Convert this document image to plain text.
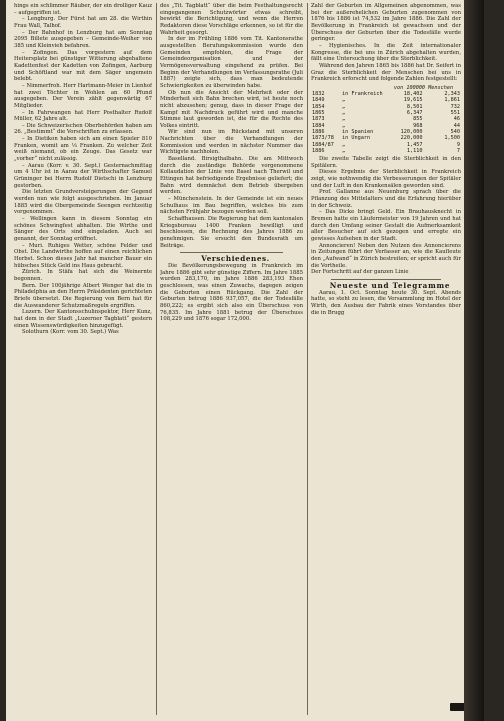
hings ein schlimmer Räuber, der ein drolliger Kauz – aufgegriffen ist.

– Lengburg. Der Fürst hat am 28. die Wirthin Frau Wall, Talhof.

– Der Bahnhof in Lenzburg hat am Sonntag 2095 Billete ausgegeben – Gemeinde-Weiher von 385 und Kleinvieh befahren.

– Zofingen. Das vorgestern auf dem Heitersplatz bei günstiger Witterung abgehaltene Kadettenfest der Kadetten von Zofingen, Aarburg und Schöftland war mit dem Säger ungemein belebt.

– Nimmerfroh. Herr Hartmann-Meier in Lienhof hat zwei Töchter in Wohlen an 60 Pfund ausgegeben. Der Verein zählt gegenwärtig 67 Mitglieder.

– In Fahrwangen hat Herr Posthalter Rudolf Müller, 62 Jahre alt.

– Die Schweizerischen Oberbehörden haben am 26. „Bestimmt“ die Vorschriften zu erlassen.

– In Dietikon haben sich am einen Spieler 810 Franken, womit am ⅓ Franken. Zu welcher Zeit weiß niemand, ob ein Zeuge. Das Gesetz war „vorher“ nicht zulässig.

– Aarau (Korr. v. 30. Sept.) Gesternachmittag um 4 Uhr ist in Aarau der Wirthschafter Samuel Grüninger bei Herrn Rudolf Dietschi in Lenzburg gestorben.

Die letzten Grundversteigerungen der Gegend werden nun wie folgt ausgeschrieben. Im Januar 1885 wird die Obergemeinde Seengen rechtzeitig vorgenommen.

– Wellingen kann in diesem Sonntag ein schönes Schwingfest abhalten. Die Wirthe und Sänger des Orts sind eingeladen. Auch sei genannt, der Sonntag eröffnet.

– Muri. Ruhiges Wetter, schöne Felder und Obst. Die Landwirthe hoffen auf einen reichlichen Herbst. Schon dieses Jahr hat mancher Bauer ein hübsches Stück Geld ins Haus gebracht.

Zürich. In Stäfa hat sich die Weinernte begonnen.

Bern. Der 100jährige Albert Wenger hat die in Philadelphia an den Herrn Präsidenten gerichteten Briefe übersetzt. Die Regierung von Bern hat für die Auswanderer Schutzmaßregeln ergriffen.

Luzern. Der Kantonsschulinspektor, Herr Kunz, hat dem in der Stadt „Luzerner Tagblatt“ gestern einen Wissenswürdigkeiten hinzugefügt.

Solothurn (Korr. vom 30. Sept.) Was

des „Tit. Tagblatt“ über die beim Festhaltungsrecht eingegangenen Schutzwörter etwas schreibt, bewirkt die Berichtigung, und wenn die Herren Redaktoren diese Vorschläge erkennen, so ist für die Wahrheit gesorgt.

In der im Frühling 1886 vom Tit. Kantonsrathe ausgestellten Berufungskommission wurde den Gemeinden empfohlen, die Frage der Gemeindeorganisation und der Vermögensverwaltung eingehend zu prüfen. Bei Beginn der Verhandlungen im Verfassungsrathe (Juli 1887) zeigte sich, dass man bedeutende Schwierigkeiten zu überwinden habe.

Ob nun die Ansicht der Mehrheit oder der Minderheit sich Bahn brechen wird, ist heute noch nicht abzusehen; genug, dass in dieser Frage der Kampf mit Nachdruck geführt wird und manche Stimme laut geworden ist, die für die Rechte des Volkes eintritt.

Wir sind nun im Rückstand mit unseren Nachrichten über die Verhandlungen der Kommission und werden in nächster Nummer das Wichtigste nachholen.

Baselland. Birsigthalbahn. Die am Mittwoch durch die zuständige Behörde vorgenommene Kollaudation der Linie von Basel nach Therwil und Ettingen hat befriedigende Ergebnisse geliefert; die Bahn wird demnächst dem Betrieb übergeben werden.

– Münchenstein. In der Gemeinde ist ein neues Schulhaus im Bau begriffen, welches bis zum nächsten Frühjahr bezogen werden soll.

Schaffhausen. Die Regierung hat dem kantonalen Kriegsbureau 1400 Franken bewilligt und beschlossen, die Rechnung des Jahres 1886 zu genehmigen. Sie ersucht den Bundesrath um Beiträge.

Verschiedenes.

Die Bevölkerungsbewegung in Frankreich im Jahre 1886 gibt sehr günstige Ziffern. Im Jahre 1885 wurden 283,170, im Jahre 1886 283,193 Ehen geschlossen, was einen Zuwachs, dagegen zeigen die Geburten einen Rückgang. Die Zahl der Geburten betrug 1886 937,057, die der Todesfälle 860,222; es ergibt sich also ein Überschuss von 76,835. Im Jahre 1881 betrug der Überschuss 108,229 und 1876 sogar 172,000.

Zahl der Geburten im Allgemeinen abgenommen, was bei der außerehelichen Geburten zugenommen von 1876 bis 1886 ist 74,532 im Jahre 1886. Die Zahl der Bevölkerung in Frankreich ist gewachsen und der Überschuss der Geburten über die Todesfälle wurde geringer.

– Hygienisches. In die Zeit internationaler Kongresse, die bei uns in Zürich abgehalten wurden, fällt eine Untersuchung über die Sterblichkeit.

Während den Jahren 1865 bis 1886 hat Dr. Seifert in Graz die Sterblichkeit der Menschen bei uns in Frankreich erforscht und folgende Zahlen festgestellt:

		von 100000 Menschen	
1832	in Frankreich	18,402	2,343
1849	„	19,615	1,861
1854	„	8,501	732
1865	„	6,347	551
1873	„	855	46
1884	„	968	44
1886	in Spanien	120,000	540
1873/78	in Ungarn	220,000	1,500
1884/87	„	1,457	9
1886	„	1,110	7

Die zweite Tabelle zeigt die Sterblichkeit in den Spitälern.

Dieses Ergebnis der Sterblichkeit in Frankreich zeigt, wie nothwendig die Verbesserungen der Spitäler und der Luft in den Krankensälen geworden sind.

Prof. Gallanne aus Neuenburg sprach über die Pflanzung des Mittelalters und die Erfahrung hierüber in der Schweiz.

– Das Dicke bringt Geld. Ein Brauhausknecht in Bremen hatte ein Läufermeister von 19 Jahren und hat durch den Umfang seiner Gestalt die Aufmerksamkeit aller Besucher auf sich gezogen und erregte ein gewisses Aufsehen in der Stadt.

Annoncieren! Neben den Nutzen des Annoncierens in Zeitungen führt der Verfasser an, wie die Kaufleute den „Aufwand“ in Zürich bestreiten; er spricht auch für die Vortheile.

Der Fortschritt auf der ganzen Linie

Neueste und Telegramme

Aarau, 1. Oct. Sonntag heute 30. Sept. Abends hatte, so steht zu lesen, die Versammlung im Hotel der Wirth, den Ausbau der Fabrik eines Vorstandes über die in Brugg
